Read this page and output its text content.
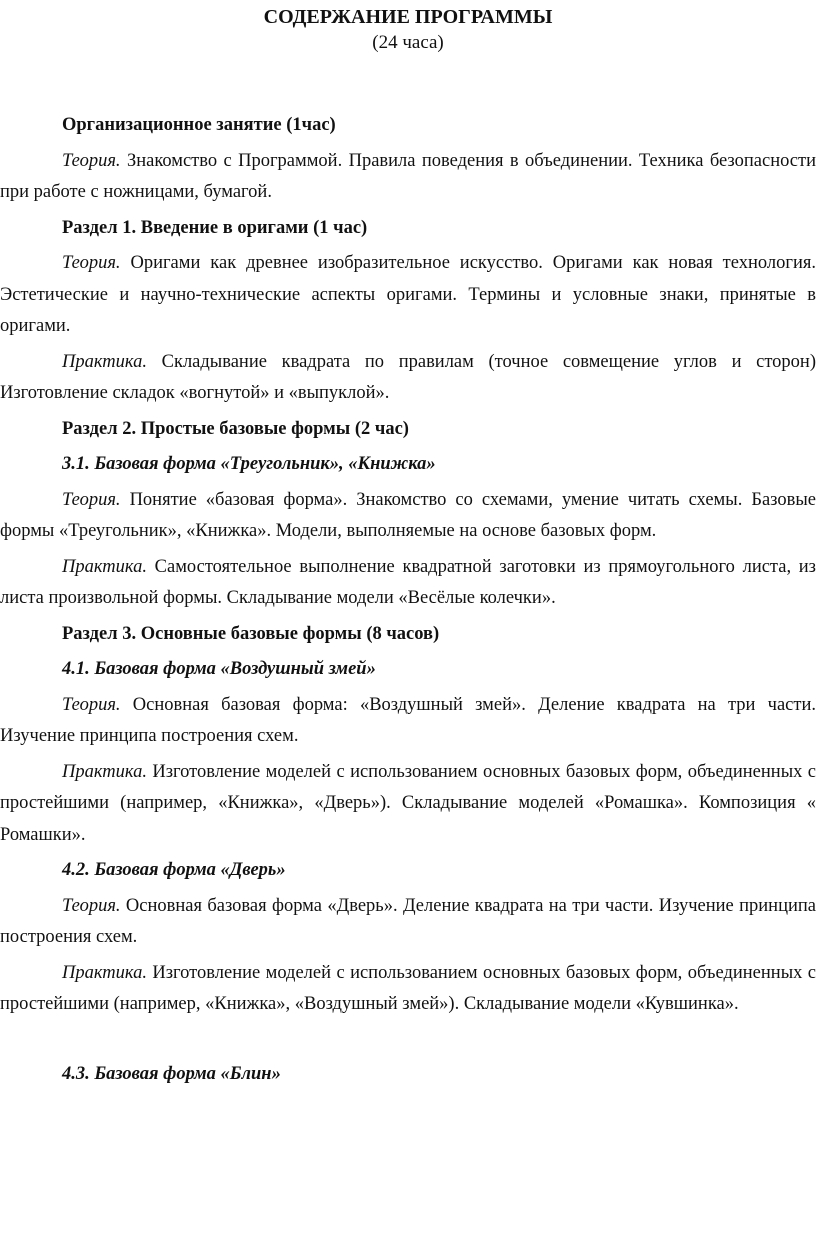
СОДЕРЖАНИЕ ПРОГРАММЫ
(24 часа)

Организационное занятие (1час)

Теория. Знакомство с Программой. Правила поведения в объединении. Техника безопасности при работе с ножницами, бумагой.

Раздел 1. Введение в оригами (1 час)

Теория. Оригами как древнее изобразительное искусство. Оригами как новая технология. Эстетические и научно-технические аспекты оригами. Термины и условные знаки, принятые в оригами.

Практика. Складывание квадрата по правилам (точное совмещение углов и сторон) Изготовление складок «вогнутой» и «выпуклой».

Раздел 2. Простые базовые формы (2 час)

3.1. Базовая форма «Треугольник», «Книжка»

Теория. Понятие «базовая форма». Знакомство со схемами, умение читать схемы. Базовые формы «Треугольник», «Книжка». Модели, выполняемые на основе базовых форм.

Практика. Самостоятельное выполнение квадратной заготовки из прямоугольного листа, из листа произвольной формы. Складывание модели «Весёлые колечки».

Раздел 3. Основные базовые формы (8 часов)

4.1. Базовая форма «Воздушный змей»

Теория. Основная базовая форма: «Воздушный змей». Деление квадрата на три части. Изучение принципа построения схем.

Практика. Изготовление моделей с использованием основных базовых форм, объединенных с простейшими (например, «Книжка», «Дверь»). Складывание моделей «Ромашка». Композиция « Ромашки».

4.2. Базовая форма «Дверь»

Теория. Основная базовая форма «Дверь». Деление квадрата на три части. Изучение принципа построения схем.

Практика. Изготовление моделей с использованием основных базовых форм, объединенных с простейшими (например, «Книжка», «Воздушный змей»). Складывание модели «Кувшинка».

4.3. Базовая форма «Блин»
